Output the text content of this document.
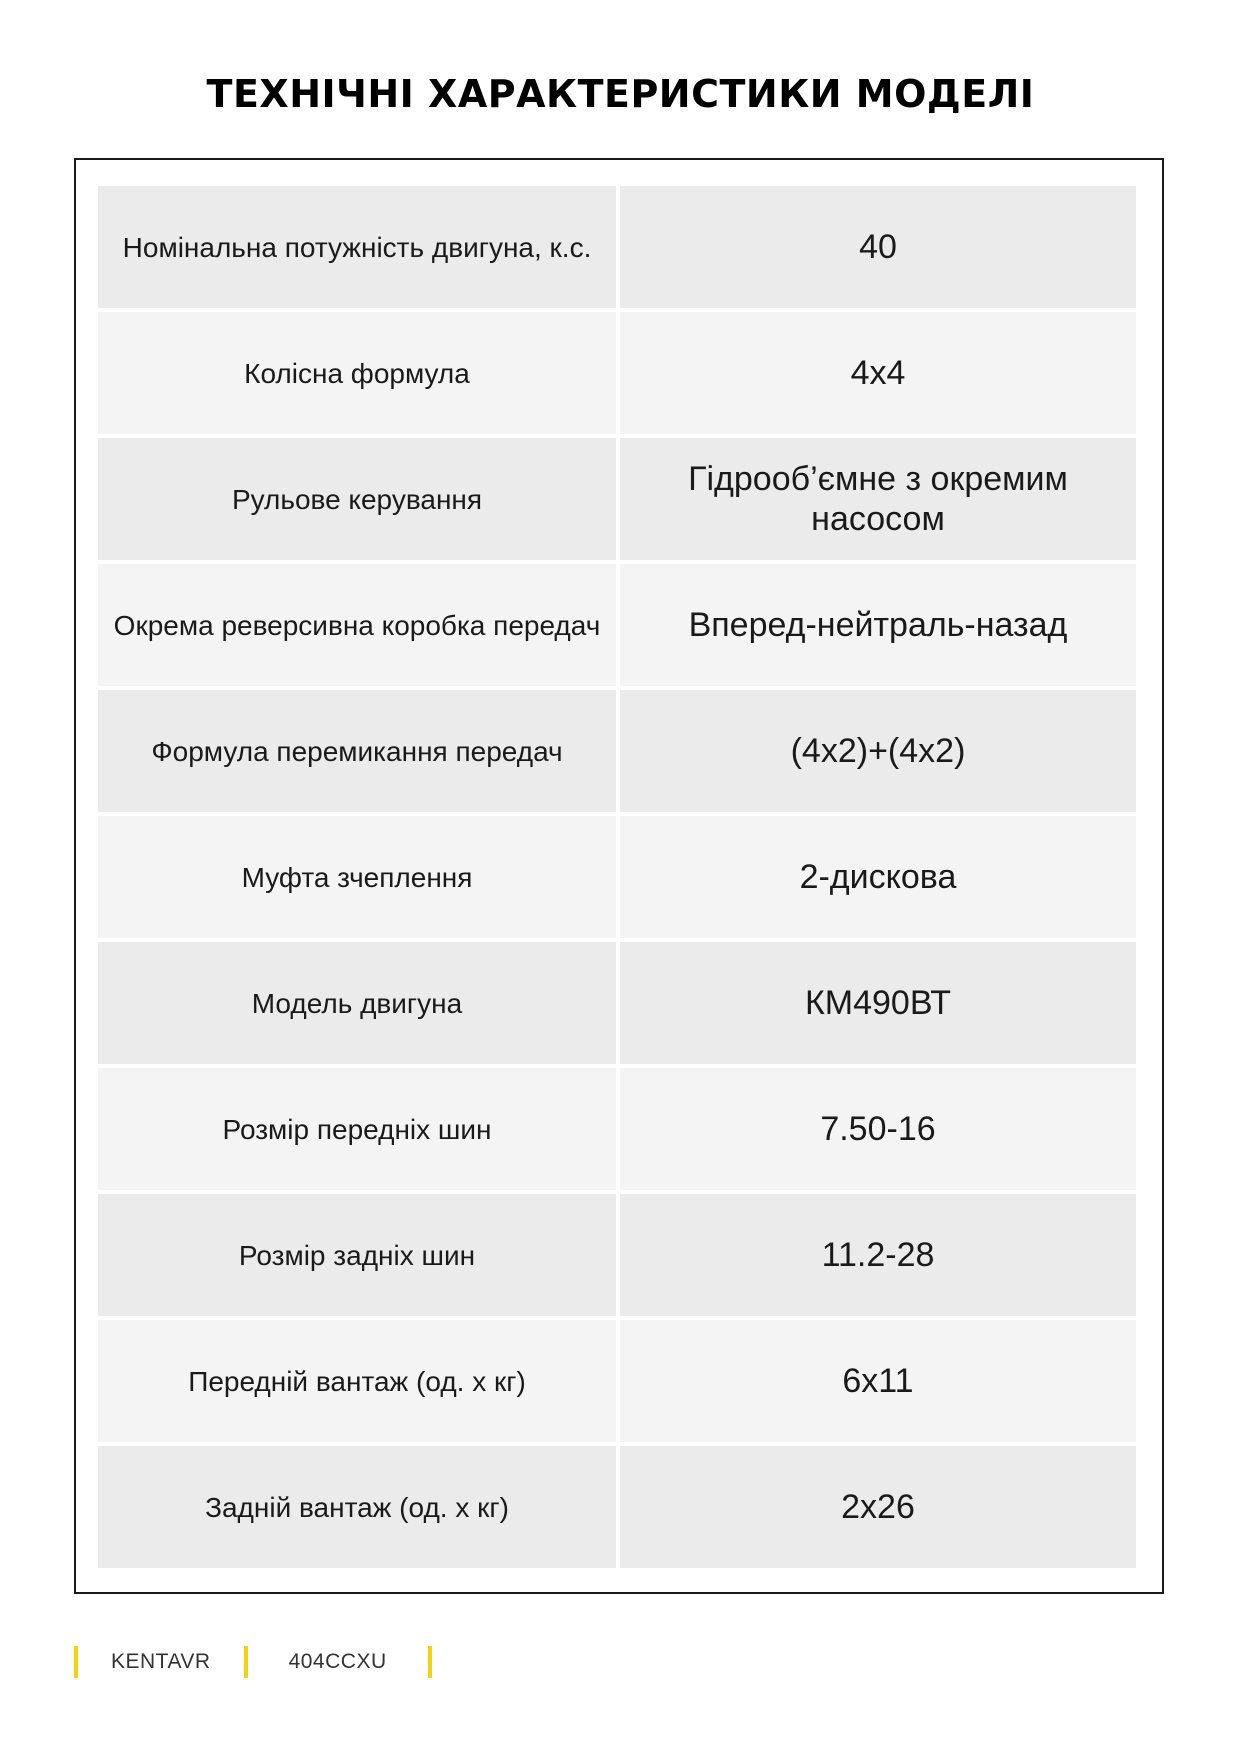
ТЕХНІЧНІ ХАРАКТЕРИСТИКИ МОДЕЛІ
Номінальна потужність двигуна, к.с.	40
Колісна формула	4х4
Рульове керування	Гідрооб’ємне з окремим насосом
Окрема реверсивна коробка передач	Вперед-нейтраль-назад
Формула перемикання передач	(4х2)+(4х2)
Муфта зчеплення	2-дискова
Модель двигуна	КМ490ВТ
Розмір передніх шин	7.50-16
Розмір задніх шин	11.2-28
Передній вантаж (од. х кг)	6х11
Задній вантаж (од. х кг)	2х26
KENTAVR	404CCXU
